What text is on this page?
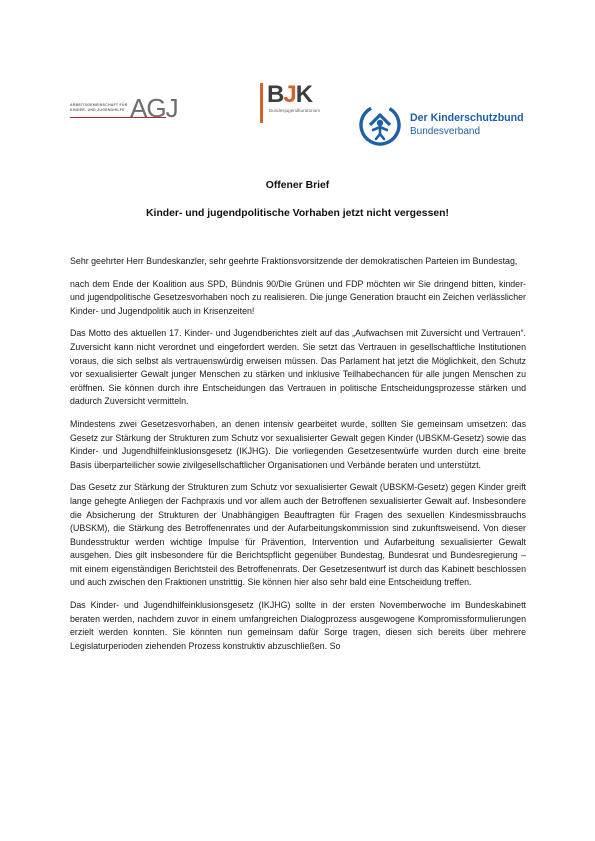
ARBEITSGEMEINSCHAFT FÜR
KINDER- UND JUGENDHILFE AGJ	BJK
Bundesjugendkuratorium
Der Kinderschutzbund
Bundesverband
Offener Brief
Kinder- und jugendpolitische Vorhaben jetzt nicht vergessen!

Sehr geehrter Herr Bundeskanzler, sehr geehrte Fraktionsvorsitzende der demokratischen Parteien im Bundestag,

nach dem Ende der Koalition aus SPD, Bündnis 90/Die Grünen und FDP möchten wir Sie dringend bitten, kinder- und jugendpolitische Gesetzesvorhaben noch zu realisieren. Die junge Generation braucht ein Zeichen verlässlicher Kinder- und Jugendpolitik auch in Krisenzeiten!

Das Motto des aktuellen 17. Kinder- und Jugendberichtes zielt auf das „Aufwachsen mit Zuversicht und Vertrauen“. Zuversicht kann nicht verordnet und eingefordert werden. Sie setzt das Vertrauen in gesellschaftliche Institutionen voraus, die sich selbst als vertrauenswürdig erweisen müssen. Das Parlament hat jetzt die Möglichkeit, den Schutz vor sexualisierter Gewalt junger Menschen zu stärken und inklusive Teilhabechancen für alle jungen Menschen zu eröffnen. Sie können durch ihre Entscheidungen das Vertrauen in politische Entscheidungsprozesse stärken und dadurch Zuversicht vermitteln.

Mindestens zwei Gesetzesvorhaben, an denen intensiv gearbeitet wurde, sollten Sie gemeinsam umsetzen: das Gesetz zur Stärkung der Strukturen zum Schutz vor sexualisierter Gewalt gegen Kinder (UBSKM-Gesetz) sowie das Kinder- und Jugendhilfeinklusionsgesetz (IKJHG). Die vorliegenden Gesetzesentwürfe wurden durch eine breite Basis überparteilicher sowie zivilgesellschaftlicher Organisationen und Verbände beraten und unterstützt.

Das Gesetz zur Stärkung der Strukturen zum Schutz vor sexualisierter Gewalt (UBSKM-Gesetz) gegen Kinder greift lange gehegte Anliegen der Fachpraxis und vor allem auch der Betroffenen sexualisierter Gewalt auf. Insbesondere die Absicherung der Strukturen der Unabhängigen Beauftragten für Fragen des sexuellen Kindesmissbrauchs (UBSKM), die Stärkung des Betroffenenrates und der Aufarbeitungskommission sind zukunftsweisend. Von dieser Bundesstruktur werden wichtige Impulse für Prävention, Intervention und Aufarbeitung sexualisierter Gewalt ausgehen. Dies gilt insbesondere für die Berichtspflicht gegenüber Bundestag, Bundesrat und Bundesregierung – mit einem eigenständigen Berichtsteil des Betroffenenrats. Der Gesetzesentwurf ist durch das Kabinett beschlossen und auch zwischen den Fraktionen unstrittig. Sie können hier also sehr bald eine Entscheidung treffen.

Das Kinder- und Jugendhilfeinklusionsgesetz (IKJHG) sollte in der ersten Novemberwoche im Bundeskabinett beraten werden, nachdem zuvor in einem umfangreichen Dialogprozess ausgewogene Kompromissformulierungen erzielt werden konnten. Sie könnten nun gemeinsam dafür Sorge tragen, diesen sich bereits über mehrere Legislaturperioden ziehenden Prozess konstruktiv abzuschließen. So
